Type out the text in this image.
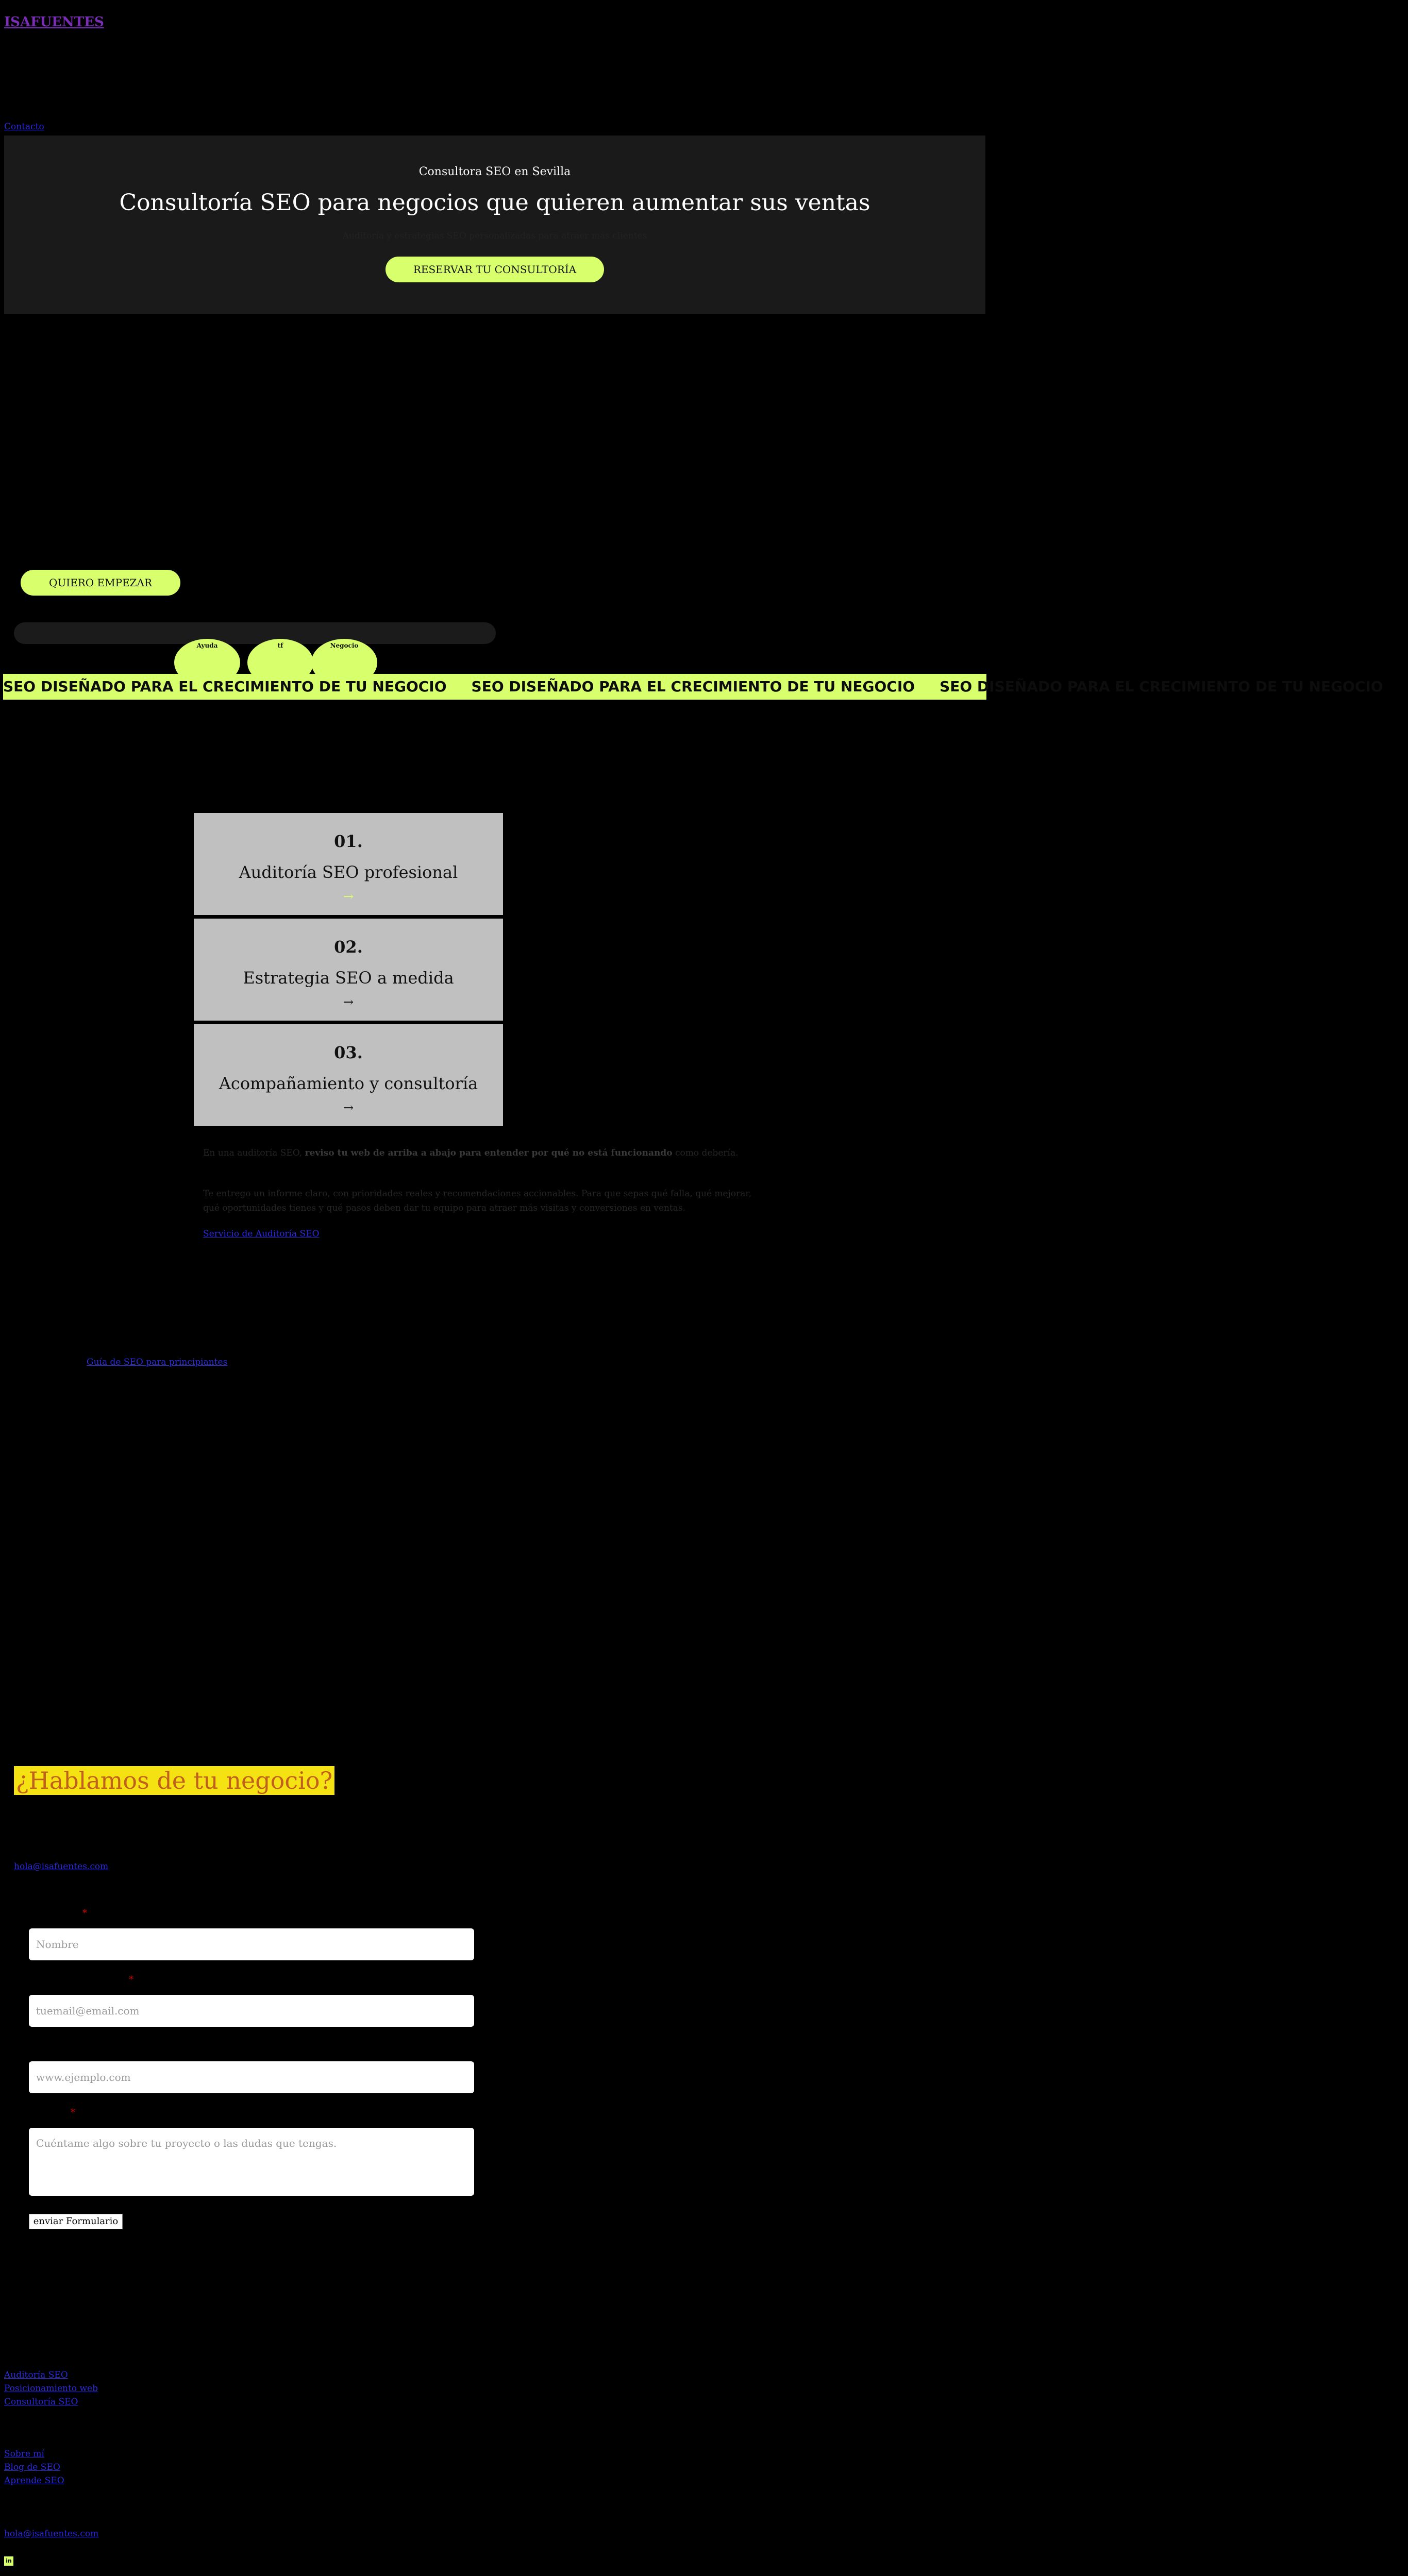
ISAFUENTES
Contacto
Consultora SEO en Sevilla
Consultoría SEO para negocios que quieren aumentar sus ventas
Auditoría y estrategias SEO personalizadas para atraer más clientes
RESERVAR TU CONSULTORÍA
QUIERO EMPEZAR
Ayuda	tf	Negocio
SEO DISEÑADO PARA EL CRECIMIENTO DE TU NEGOCIO SEO DISEÑADO PARA EL CRECIMIENTO DE TU NEGOCIO SEO DISEÑADO PARA EL CRECIMIENTO DE TU NEGOCIO
01.
Auditoría SEO profesional
→
02.
Estrategia SEO a medida
→
03.
Acompañamiento y consultoría
→

En una auditoría SEO, reviso tu web de arriba a abajo para entender por qué no está funcionando como debería.

Te entrego un informe claro, con prioridades reales y recomendaciones accionables. Para que sepas qué falla, qué mejorar, qué oportunidades tienes y qué pasos deben dar tu equipo para atraer más visitas y conversiones en ventas.

Servicio de Auditoría SEO
Guía de SEO para principiantes
¿Hablamos de tu negocio?
hola@isafuentes.com
*
Nombre
*
tuemail@email.com
www.ejemplo.com
*
Cuéntame algo sobre tu proyecto o las dudas que tengas.
enviar Formulario
Auditoría SEO
Posicionamiento web
Consultoría SEO
Sobre mí
Blog de SEO
Aprende SEO
hola@isafuentes.com
in
